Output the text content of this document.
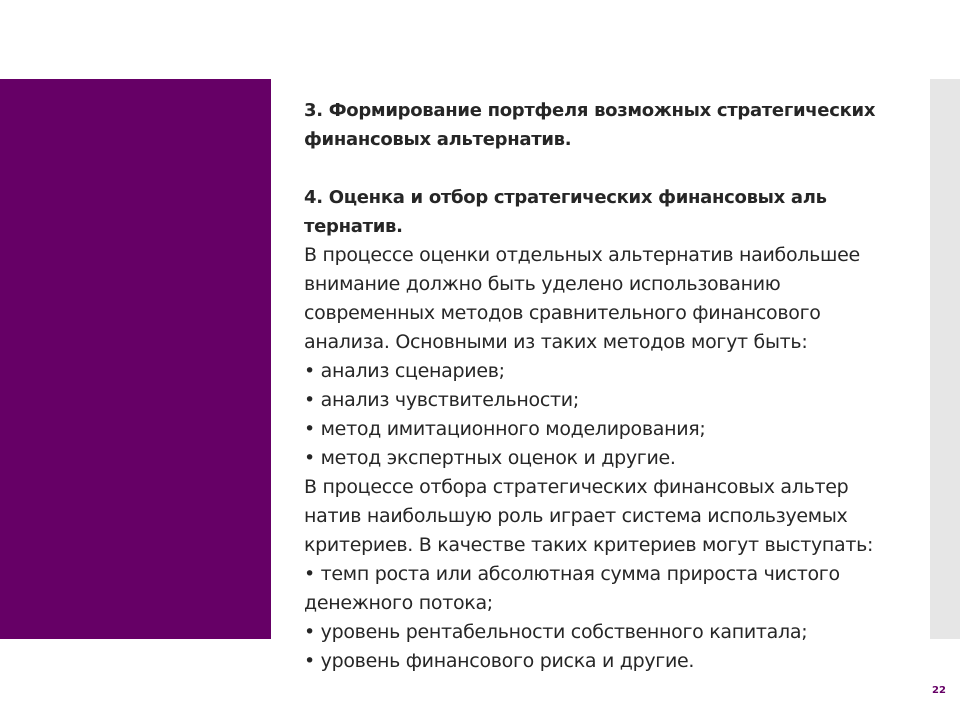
3. Формирование портфеля возможных стратегических

финансовых альтернатив.

4. Оценка и отбор стратегических финансовых аль

тернатив.

В процессе оценки отдельных альтернатив наибольшее

внимание должно быть уделено использованию

современных методов сравнительного финансового

анализа. Основными из таких методов могут быть:

• анализ сценариев;

• анализ чувствительности;

• метод имитационного моделирования;

• метод экспертных оценок и другие.

В процессе отбора стратегических финансовых альтер

натив наибольшую роль играет система используемых

критериев. В качестве таких критериев могут выступать:

• темп роста или абсолютная сумма прироста чистого

денежного потока;

• уровень рентабельности собственного капитала;

• уровень финансового риска и другие.

22
